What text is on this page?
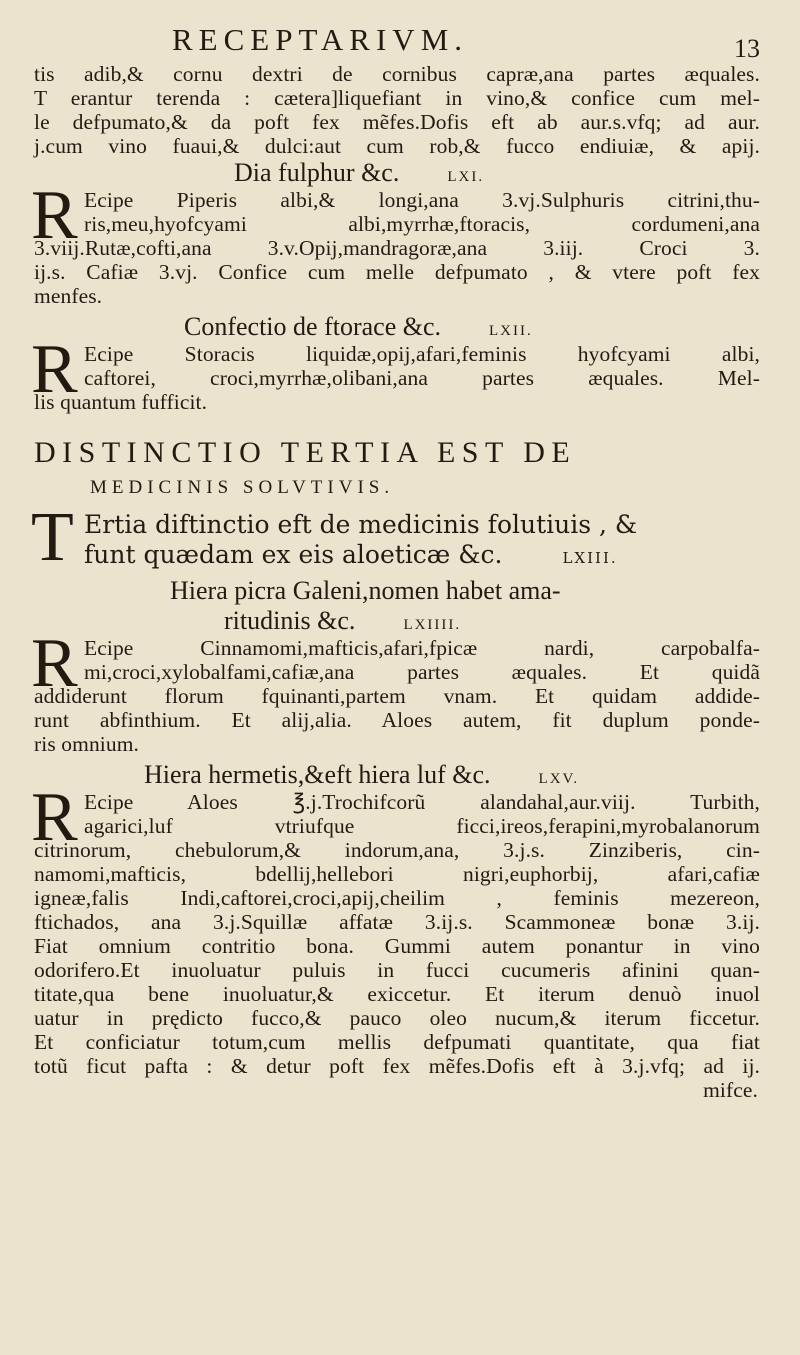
RECEPTARIVM.	13
tis adib,& cornu dextri de cornibus capræ,ana partes æquales.
T erantur terenda : cætera]liquefiant in vino,& confice cum mel-
le defpumato,& da poft fex mẽfes.Dofis eft ab aur.s.vfq; ad aur.
j.cum vino fuaui,& dulci:aut cum rob,& fucco endiuiæ, & apij.
Dia fulphur &c.	LXI.
R Ecipe Piperis albi,& longi,ana 3.vj.Sulphuris citrini,thu-
ris,meu,hyofcyami albi,myrrhæ,ftoracis, cordumeni,ana
3.viij.Rutæ,cofti,ana 3.v.Opij,mandragoræ,ana 3.iij. Croci 3.
ij.s. Cafiæ 3.vj. Confice cum melle defpumato , & vtere poft fex
menfes.
Confectio de ftorace &c.	LXII.
R Ecipe Storacis liquidæ,opij,afari,feminis hyofcyami albi,
caftorei, croci,myrrhæ,olibani,ana partes æquales. Mel-
lis quantum fufficit.
DISTINCTIO TERTIA EST DE
MEDICINIS SOLVTIVIS.
T Ertia diftinctio eft de medicinis folutiuis , &
funt quædam ex eis aloeticæ &c.	LXIII.
Hiera picra Galeni,nomen habet ama-
ritudinis &c.	LXIIII.
R Ecipe Cinnamomi,mafticis,afari,fpicæ nardi, carpobalfa-
mi,croci,xylobalfami,cafiæ,ana partes æquales. Et quidã
addiderunt florum fquinanti,partem vnam. Et quidam addide-
runt abfinthium. Et alij,alia. Aloes autem, fit duplum ponde-
ris omnium.
Hiera hermetis,&eft hiera luf &c.	LXV.
R Ecipe Aloes ℥.j.Trochifcorũ alandahal,aur.viij. Turbith,
agarici,luf vtriufque ficci,ireos,ferapini,myrobalanorum
citrinorum, chebulorum,& indorum,ana, 3.j.s. Zinziberis, cin-
namomi,mafticis, bdellij,hellebori nigri,euphorbij, afari,cafiæ
igneæ,falis Indi,caftorei,croci,apij,cheilim , feminis mezereon,
ftichados, ana 3.j.Squillæ affatæ 3.ij.s. Scammoneæ bonæ 3.ij.
Fiat omnium contritio bona. Gummi autem ponantur in vino
odorifero.Et inuoluatur puluis in fucci cucumeris afinini quan-
titate,qua bene inuoluatur,& exiccetur. Et iterum denuò inuol
uatur in prędicto fucco,& pauco oleo nucum,& iterum ficcetur.
Et conficiatur totum,cum mellis defpumati quantitate, qua fiat
totũ ficut pafta : & detur poft fex mẽfes.Dofis eft à 3.j.vfq; ad ij.
mifce.
